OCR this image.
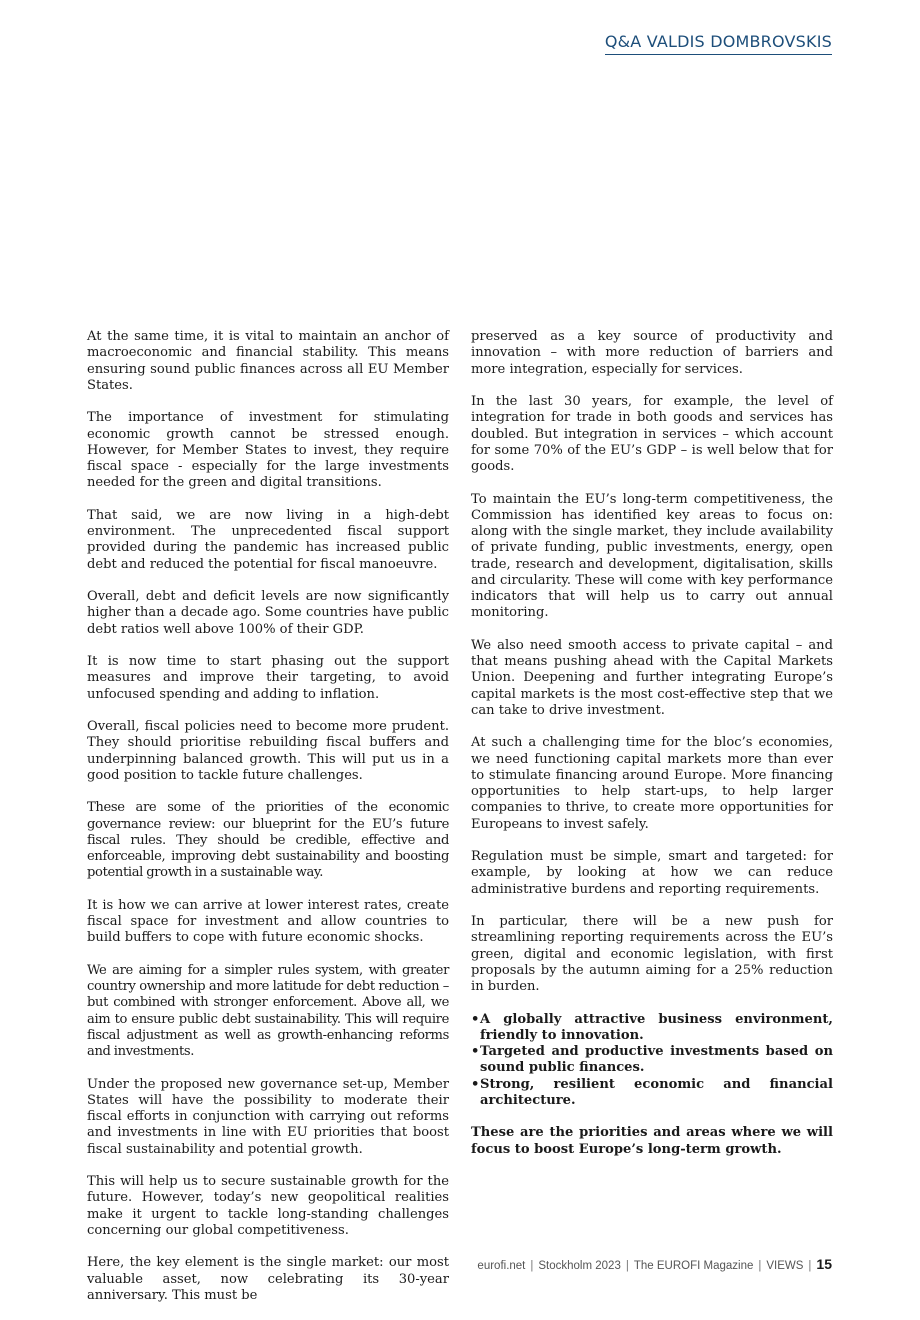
Q&A VALDIS DOMBROVSKIS

At the same time, it is vital to maintain an anchor of macroeconomic and financial stability. This means ensuring sound public finances across all EU Member States.

The importance of investment for stimulating economic growth cannot be stressed enough. However, for Member States to invest, they require fiscal space - especially for the large investments needed for the green and digital transitions.

That said, we are now living in a high-debt environment. The unprecedented fiscal support provided during the pandemic has increased public debt and reduced the potential for fiscal manoeuvre.

Overall, debt and deficit levels are now significantly higher than a decade ago. Some countries have public debt ratios well above 100% of their GDP.

It is now time to start phasing out the support measures and improve their targeting, to avoid unfocused spending and adding to inflation.

Overall, fiscal policies need to become more prudent. They should prioritise rebuilding fiscal buffers and underpinning balanced growth. This will put us in a good position to tackle future challenges.

These are some of the priorities of the economic governance review: our blueprint for the EU’s future fiscal rules. They should be credible, effective and enforceable, improving debt sustainability and boosting potential growth in a sustainable way.

It is how we can arrive at lower interest rates, create fiscal space for investment and allow countries to build buffers to cope with future economic shocks.

We are aiming for a simpler rules system, with greater country ownership and more latitude for debt reduction – but combined with stronger enforcement. Above all, we aim to ensure public debt sustainability. This will require fiscal adjustment as well as growth-enhancing reforms and investments.

Under the proposed new governance set-up, Member States will have the possibility to moderate their fiscal efforts in conjunction with carrying out reforms and investments in line with EU priorities that boost fiscal sustainability and potential growth.

This will help us to secure sustainable growth for the future. However, today’s new geopolitical realities make it urgent to tackle long-standing challenges concerning our global competitiveness.

Here, the key element is the single market: our most valuable asset, now celebrating its 30-year anniversary. This must be

preserved as a key source of productivity and innovation – with more reduction of barriers and more integration, especially for services.

In the last 30 years, for example, the level of integration for trade in both goods and services has doubled. But integration in services – which account for some 70% of the EU’s GDP – is well below that for goods.

To maintain the EU’s long-term competitiveness, the Commission has identified key areas to focus on: along with the single market, they include availability of private funding, public investments, energy, open trade, research and development, digitalisation, skills and circularity. These will come with key performance indicators that will help us to carry out annual monitoring.

We also need smooth access to private capital – and that means pushing ahead with the Capital Markets Union. Deepening and further integrating Europe’s capital markets is the most cost-effective step that we can take to drive investment.

At such a challenging time for the bloc’s economies, we need functioning capital markets more than ever to stimulate financing around Europe. More financing opportunities to help start-ups, to help larger companies to thrive, to create more opportunities for Europeans to invest safely.

Regulation must be simple, smart and targeted: for example, by looking at how we can reduce administrative burdens and reporting requirements.

In particular, there will be a new push for streamlining reporting requirements across the EU’s green, digital and economic legislation, with first proposals by the autumn aiming for a 25% reduction in burden.

• A globally attractive business environment, friendly to innovation.
• Targeted and productive investments based on sound public finances.
• Strong, resilient economic and financial architecture.

These are the priorities and areas where we will focus to boost Europe’s long-term growth.

eurofi.net | Stockholm 2023 | The EUROFI Magazine | VIEWS | 15
